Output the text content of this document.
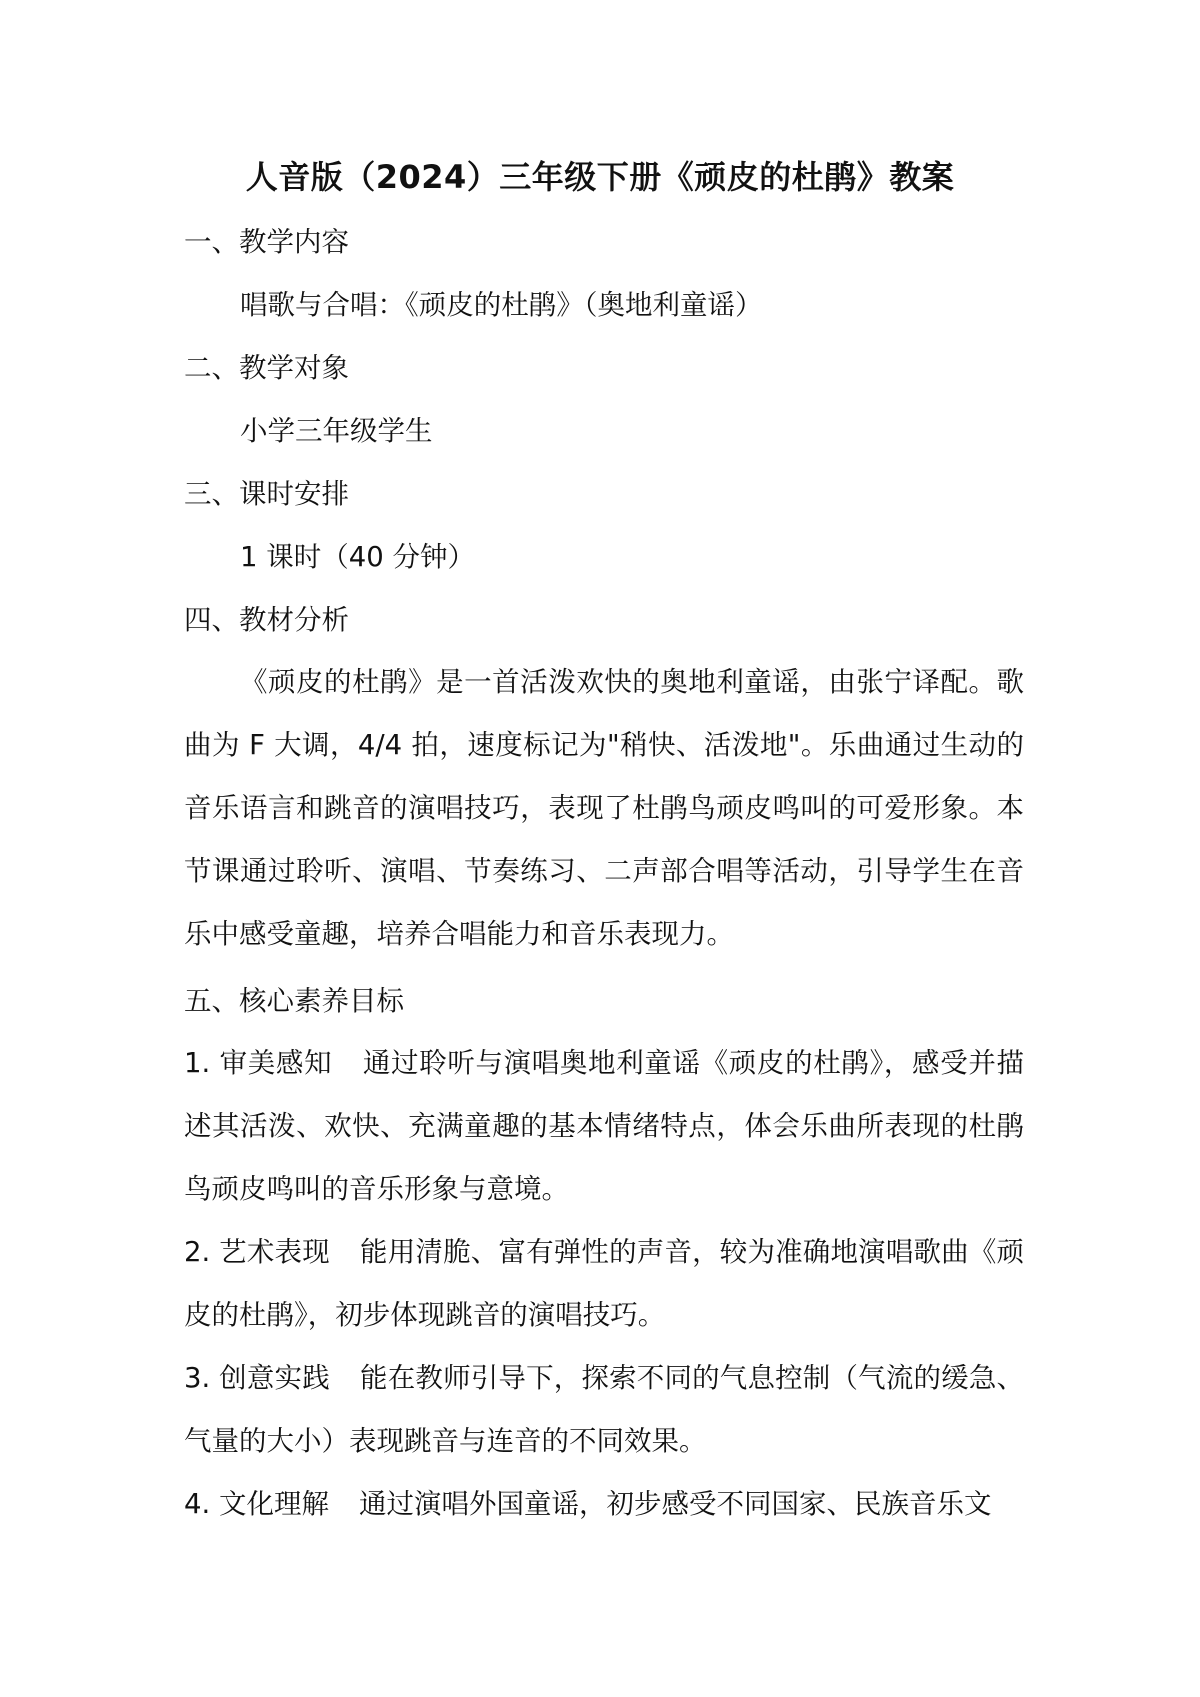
人音版（2024）三年级下册《顽皮的杜鹃》教案
一、教学内容
唱歌与合唱：《顽皮的杜鹃》（奥地利童谣）
二、教学对象
小学三年级学生
三、课时安排
1 课时（40 分钟）
四、教材分析

《顽皮的杜鹃》是一首活泼欢快的奥地利童谣，由张宁译配。歌曲为 F 大调，4/4 拍，速度标记为"稍快、活泼地"。乐曲通过生动的音乐语言和跳音的演唱技巧，表现了杜鹃鸟顽皮鸣叫的可爱形象。本节课通过聆听、演唱、节奏练习、二声部合唱等活动，引导学生在音乐中感受童趣，培养合唱能力和音乐表现力。

五、核心素养目标

1. 审美感知 通过聆听与演唱奥地利童谣《顽皮的杜鹃》，感受并描述其活泼、欢快、充满童趣的基本情绪特点，体会乐曲所表现的杜鹃鸟顽皮鸣叫的音乐形象与意境。

2. 艺术表现 能用清脆、富有弹性的声音，较为准确地演唱歌曲《顽皮的杜鹃》，初步体现跳音的演唱技巧。

3. 创意实践 能在教师引导下，探索不同的气息控制（气流的缓急、气量的大小）表现跳音与连音的不同效果。

4. 文化理解 通过演唱外国童谣，初步感受不同国家、民族音乐文
